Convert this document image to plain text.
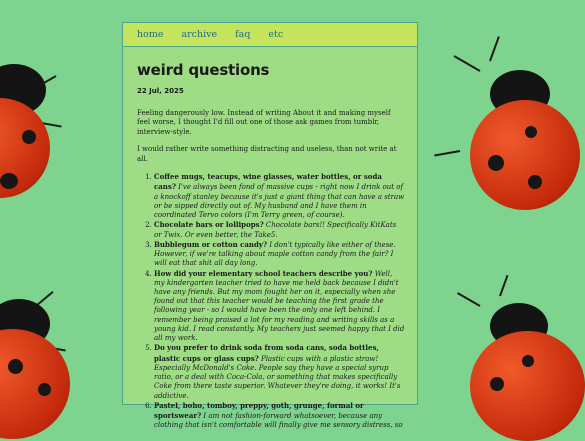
home archive faq etc
weird questions
22 Jul, 2025

Feeling dangerously low. Instead of writing About it and making myself feel worse, I thought I'd fill out one of those ask games from tumblr, interview-style.

I would rather write something distracting and useless, than not write at all.

1. Coffee mugs, teacups, wine glasses, water bottles, or soda cans? I've always been fond of massive cups - right now I drink out of a knockoff stanley because it's just a giant thing that can have a straw or be sipped directly out of. My husband and I have them in coordinated Tervo colors (I'm Terry green, of course).
2. Chocolate bars or lollipops? Chocolate bars!! Specifically KitKats or Twix. Or even better, the Take5.
3. Bubblegum or cotton candy? I don't typically like either of these. However, if we're talking about maple cotton candy from the fair? I will eat that shit all day long.
4. How did your elementary school teachers describe you? Well, my kindergarten teacher tried to have me held back because I didn't have any friends. But my mom fought her on it, especially when she found out that this teacher would be teaching the first grade the following year - so I would have been the only one left behind. I remember being praised a lot for my reading and writing skills as a young kid. I read constantly. My teachers just seemed happy that I did all my work.
5. Do you prefer to drink soda from soda cans, soda bottles, plastic cups or glass cups? Plastic cups with a plastic straw! Especially McDonald's Coke. People say they have a special syrup ratio, or a deal with Coca-Cola, or something that makes specifically Coke from there taste superior. Whatever they're doing, it works! It's addictive.
6. Pastel, boho, tomboy, preppy, goth, grunge, formal or sportswear? I am not fashion-forward whatsoever, because any clothing that isn't comfortable will finally give me sensory distress, so
